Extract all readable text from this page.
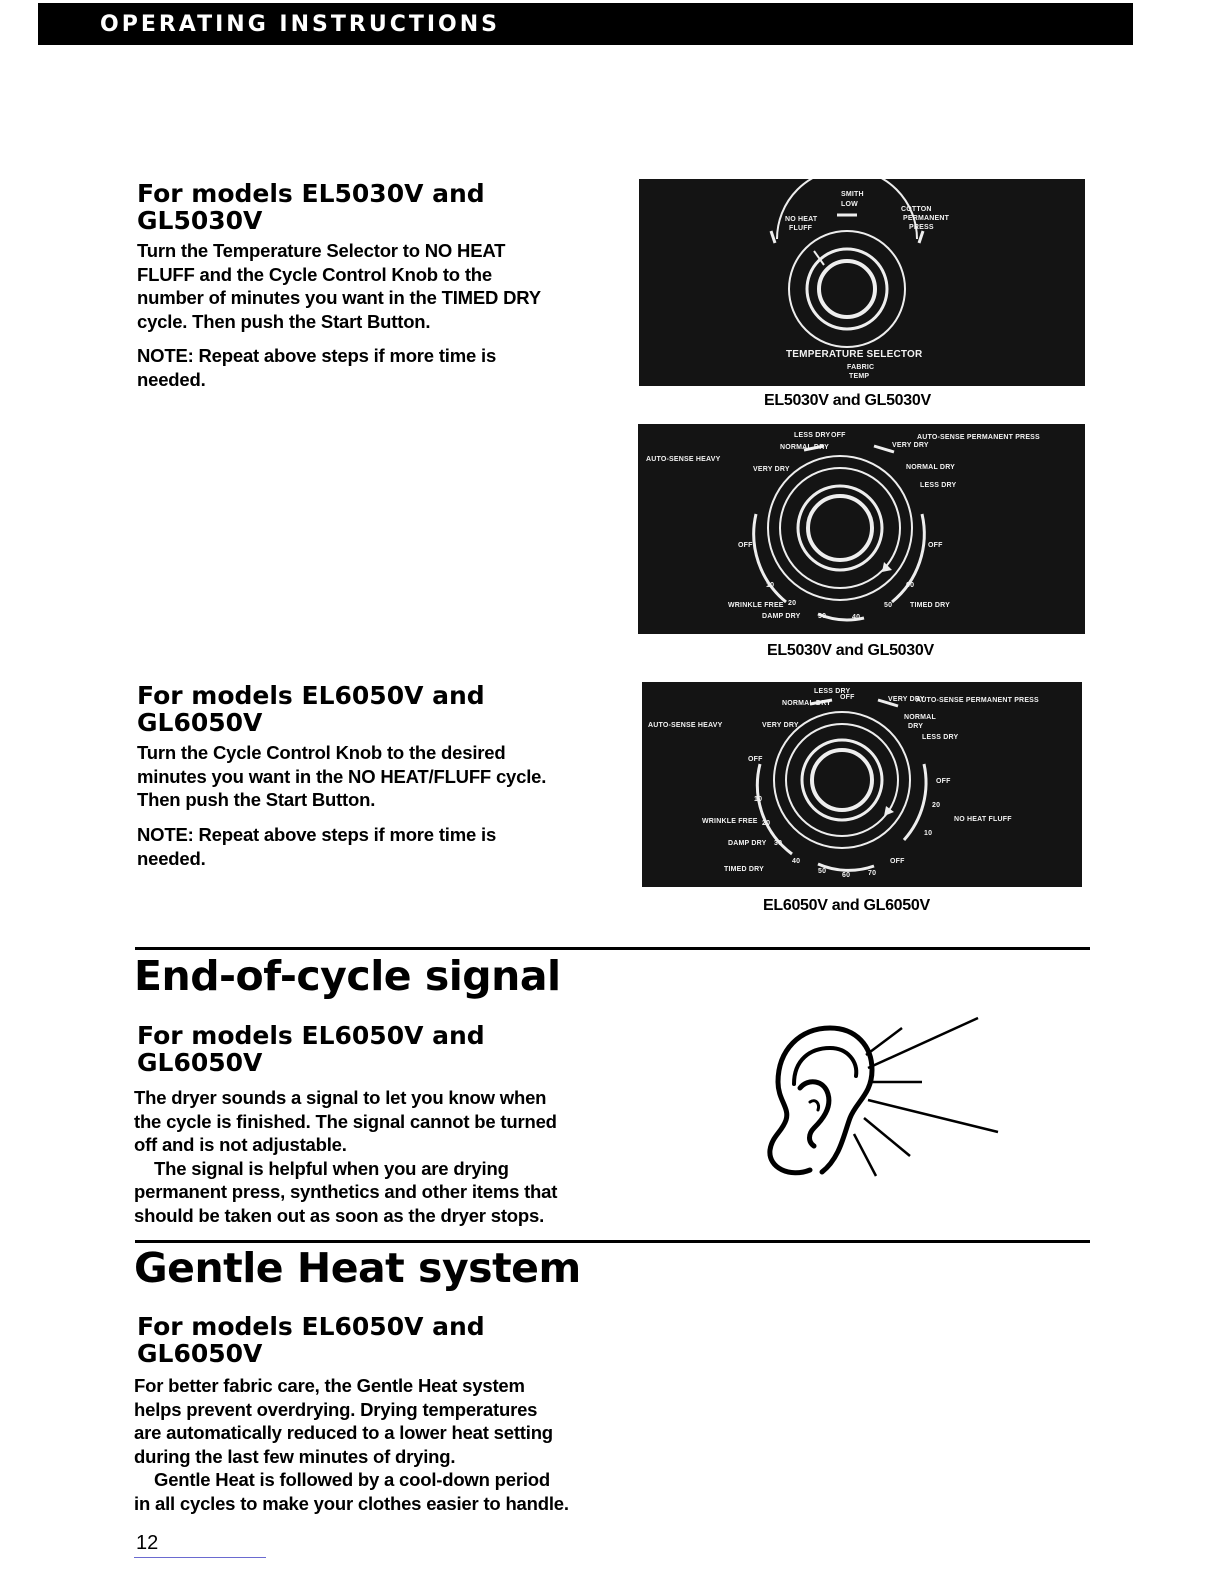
OPERATING INSTRUCTIONS
For models EL5030V and
GL5030V

Turn the Temperature Selector to NO HEAT
FLUFF and the Cycle Control Knob to the
number of minutes you want in the TIMED DRY
cycle. Then push the Start Button.

NOTE: Repeat above steps if more time is
needed.

SMITH
LOW
NO HEAT
FLUFF
COTTON
PERMANENT
PRESS
TEMPERATURE SELECTOR
FABRIC
TEMP
EL5030V and GL5030V
AUTO-SENSE HEAVY
AUTO-SENSE PERMANENT PRESS
LESS DRY OFF
NORMAL DRY
VERY DRY
VERY DRY
NORMAL DRY
LESS DRY
OFF	OFF
10
20
30	40
50
60
WRINKLE FREE
DAMP DRY
TIMED DRY
EL5030V and GL5030V
For models EL6050V and
GL6050V

Turn the Cycle Control Knob to the desired
minutes you want in the NO HEAT/FLUFF cycle.
Then push the Start Button.

NOTE: Repeat above steps if more time is
needed.

AUTO-SENSE HEAVY
AUTO-SENSE PERMANENT PRESS
LESS DRY
NORMAL DRY
OFF	VERY DRY
VERY DRY
NORMAL
DRY
LESS DRY
OFF
OFF
10
20
30
40
50
60	70
20
10
WRINKLE FREE
DAMP DRY
TIMED DRY
NO HEAT FLUFF
OFF
EL6050V and GL6050V
End-of-cycle signal
For models EL6050V and
GL6050V

The dryer sounds a signal to let you know when
the cycle is finished. The signal cannot be turned
off and is not adjustable.
The signal is helpful when you are drying
permanent press, synthetics and other items that
should be taken out as soon as the dryer stops.

Gentle Heat system
For models EL6050V and
GL6050V

For better fabric care, the Gentle Heat system
helps prevent overdrying. Drying temperatures
are automatically reduced to a lower heat setting
during the last few minutes of drying.
Gentle Heat is followed by a cool-down period
in all cycles to make your clothes easier to handle.

12
